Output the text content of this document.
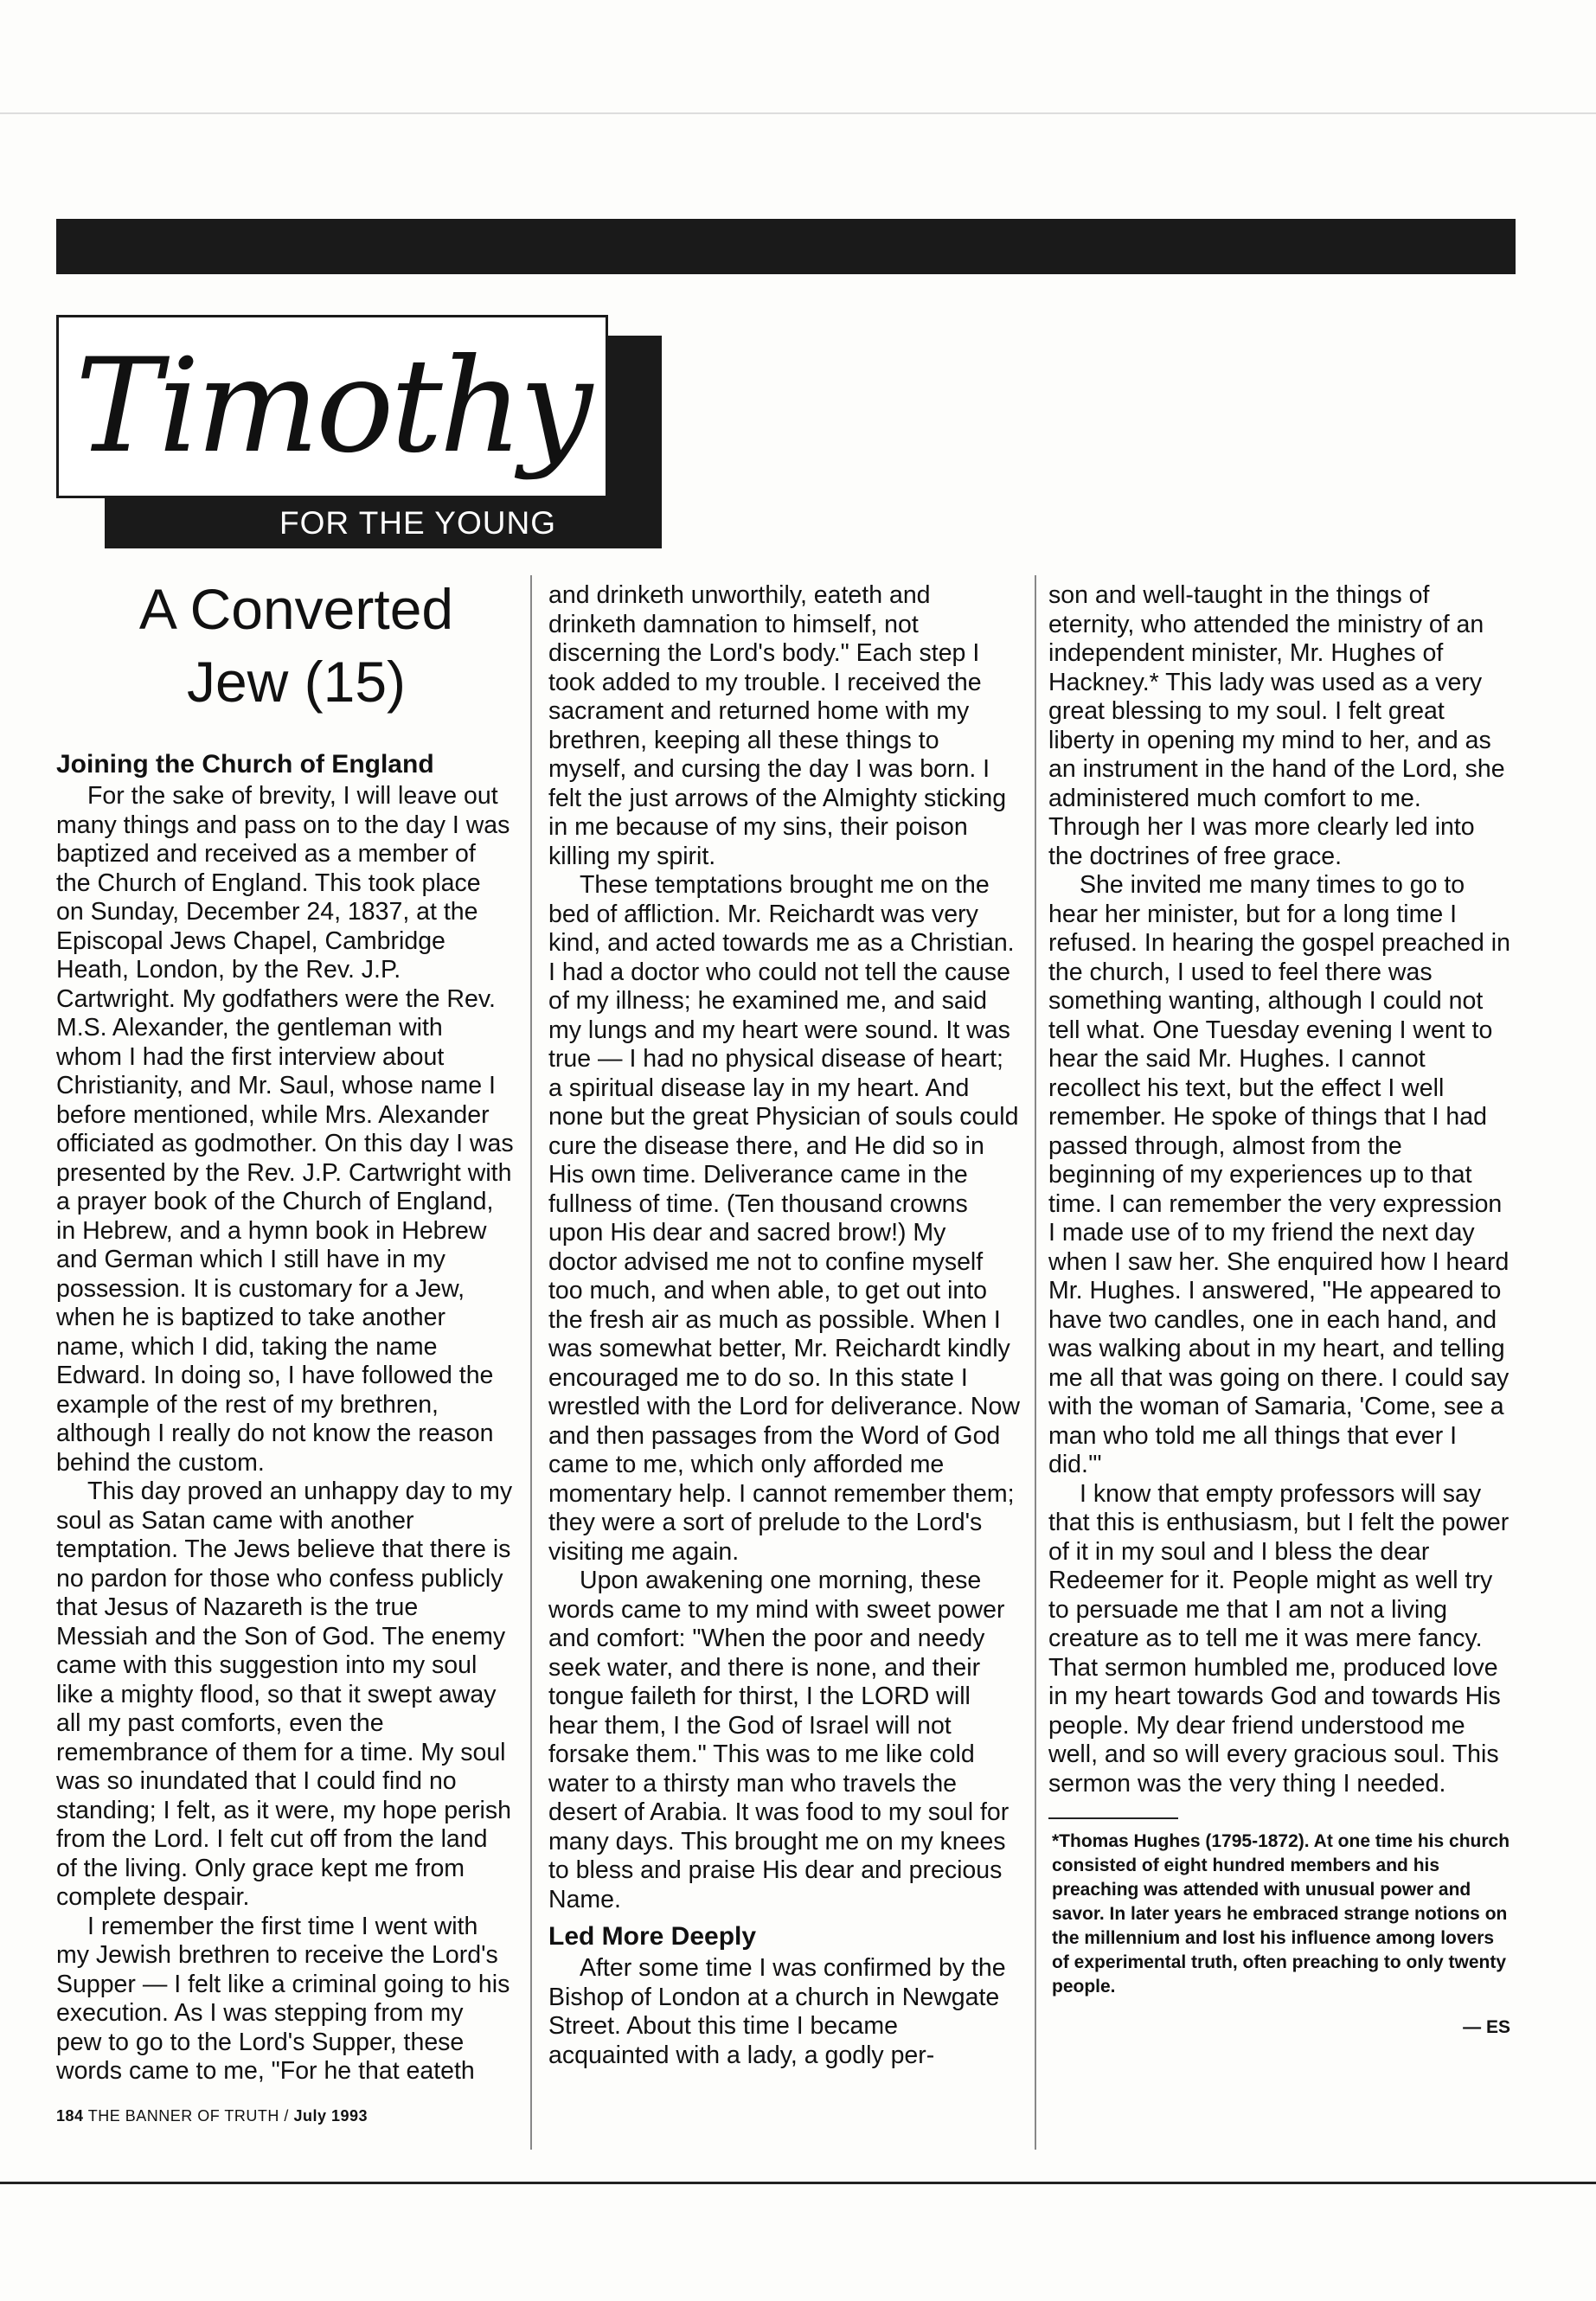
Timothy
FOR THE YOUNG
A Converted
Jew (15)
Joining the Church of England

For the sake of brevity, I will leave out many things and pass on to the day I was baptized and received as a member of the Church of England. This took place on Sunday, December 24, 1837, at the Episcopal Jews Chapel, Cambridge Heath, London, by the Rev. J.P. Cartwright. My godfathers were the Rev. M.S. Alexander, the gentleman with whom I had the first interview about Christianity, and Mr. Saul, whose name I before mentioned, while Mrs. Alexander officiated as godmother. On this day I was presented by the Rev. J.P. Cartwright with a prayer book of the Church of England, in Hebrew, and a hymn book in Hebrew and German which I still have in my possession. It is customary for a Jew, when he is baptized to take another name, which I did, taking the name Edward. In doing so, I have followed the example of the rest of my brethren, although I really do not know the reason behind the custom.

This day proved an unhappy day to my soul as Satan came with another temptation. The Jews believe that there is no pardon for those who confess publicly that Jesus of Nazareth is the true Messiah and the Son of God. The enemy came with this suggestion into my soul like a mighty flood, so that it swept away all my past comforts, even the remembrance of them for a time. My soul was so inundated that I could find no standing; I felt, as it were, my hope perish from the Lord. I felt cut off from the land of the living. Only grace kept me from complete despair.

I remember the first time I went with my Jewish brethren to receive the Lord's Supper — I felt like a criminal going to his execution. As I was stepping from my pew to go to the Lord's Supper, these words came to me, "For he that eateth

and drinketh unworthily, eateth and drinketh damnation to himself, not discerning the Lord's body." Each step I took added to my trouble. I received the sacrament and returned home with my brethren, keeping all these things to myself, and cursing the day I was born. I felt the just arrows of the Almighty sticking in me because of my sins, their poison killing my spirit.

These temptations brought me on the bed of affliction. Mr. Reichardt was very kind, and acted towards me as a Christian. I had a doctor who could not tell the cause of my illness; he examined me, and said my lungs and my heart were sound. It was true — I had no physical disease of heart; a spiritual disease lay in my heart. And none but the great Physician of souls could cure the disease there, and He did so in His own time. Deliverance came in the fullness of time. (Ten thousand crowns upon His dear and sacred brow!) My doctor advised me not to confine myself too much, and when able, to get out into the fresh air as much as possible. When I was somewhat better, Mr. Reichardt kindly encouraged me to do so. In this state I wrestled with the Lord for deliverance. Now and then passages from the Word of God came to me, which only afforded me momentary help. I cannot remember them; they were a sort of prelude to the Lord's visiting me again.

Upon awakening one morning, these words came to my mind with sweet power and comfort: "When the poor and needy seek water, and there is none, and their tongue faileth for thirst, I the LORD will hear them, I the God of Israel will not forsake them." This was to me like cold water to a thirsty man who travels the desert of Arabia. It was food to my soul for many days. This brought me on my knees to bless and praise His dear and precious Name.

Led More Deeply

After some time I was confirmed by the Bishop of London at a church in Newgate Street. About this time I became acquainted with a lady, a godly per-

son and well-taught in the things of eternity, who attended the ministry of an independent minister, Mr. Hughes of Hackney.* This lady was used as a very great blessing to my soul. I felt great liberty in opening my mind to her, and as an instrument in the hand of the Lord, she administered much comfort to me. Through her I was more clearly led into the doctrines of free grace.

She invited me many times to go to hear her minister, but for a long time I refused. In hearing the gospel preached in the church, I used to feel there was something wanting, although I could not tell what. One Tuesday evening I went to hear the said Mr. Hughes. I cannot recollect his text, but the effect I well remember. He spoke of things that I had passed through, almost from the beginning of my experiences up to that time. I can remember the very expression I made use of to my friend the next day when I saw her. She enquired how I heard Mr. Hughes. I answered, "He appeared to have two candles, one in each hand, and was walking about in my heart, and telling me all that was going on there. I could say with the woman of Samaria, 'Come, see a man who told me all things that ever I did.'"

I know that empty professors will say that this is enthusiasm, but I felt the power of it in my soul and I bless the dear Redeemer for it. People might as well try to persuade me that I am not a living creature as to tell me it was mere fancy. That sermon humbled me, produced love in my heart towards God and towards His people. My dear friend understood me well, and so will every gracious soul. This sermon was the very thing I needed.

*Thomas Hughes (1795-1872). At one time his church consisted of eight hundred members and his preaching was attended with unusual power and savor. In later years he embraced strange notions on the millennium and lost his influence among lovers of experimental truth, often preaching to only twenty people.
— ES
184 THE BANNER OF TRUTH / July 1993
